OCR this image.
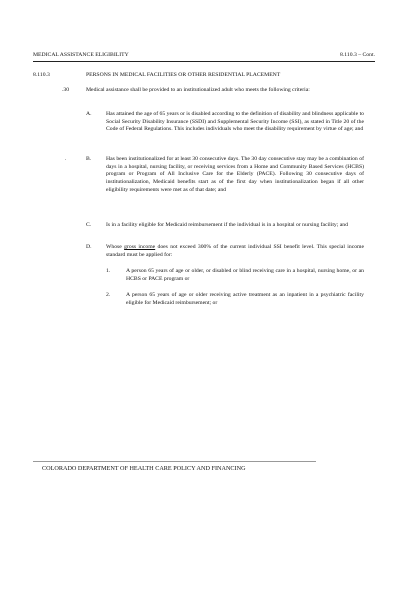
MEDICAL ASSISTANCE ELIGIBILITY	8.110.3 – Cont.
8.110.3	PERSONS IN MEDICAL FACILITIES OR OTHER RESIDENTIAL PLACEMENT
.30	Medical assistance shall be provided to an institutionalized adult who meets the following criteria:
A.	Has attained the age of 65 years or is disabled according to the definition of disability and blindness applicable to Social Security Disability Insurance (SSDI) and Supplemental Security Income (SSI), as stated in Title 20 of the Code of Federal Regulations. This includes individuals who meet the disability requirement by virtue of age; and
.	B.	Has been institutionalized for at least 30 consecutive days. The 30 day consecutive stay may be a combination of days in a hospital, nursing facility, or receiving services from a Home and Community Based Services (HCBS) program or Program of All Inclusive Care for the Elderly (PACE). Following 30 consecutive days of institutionalization, Medicaid benefits start as of the first day when institutionalization began if all other eligibility requirements were met as of that date; and
C.	Is in a facility eligible for Medicaid reimbursement if the individual is in a hospital or nursing facility; and
D.	Whose gross income does not exceed 300% of the current individual SSI benefit level. This special income standard must be applied for:
1.	A person 65 years of age or older, or disabled or blind receiving care in a hospital, nursing home, or an HCBS or PACE program or
2.	A person 65 years of age or older receiving active treatment as an inpatient in a psychiatric facility eligible for Medicaid reimbursement; or
COLORADO DEPARTMENT OF HEALTH CARE POLICY AND FINANCING
